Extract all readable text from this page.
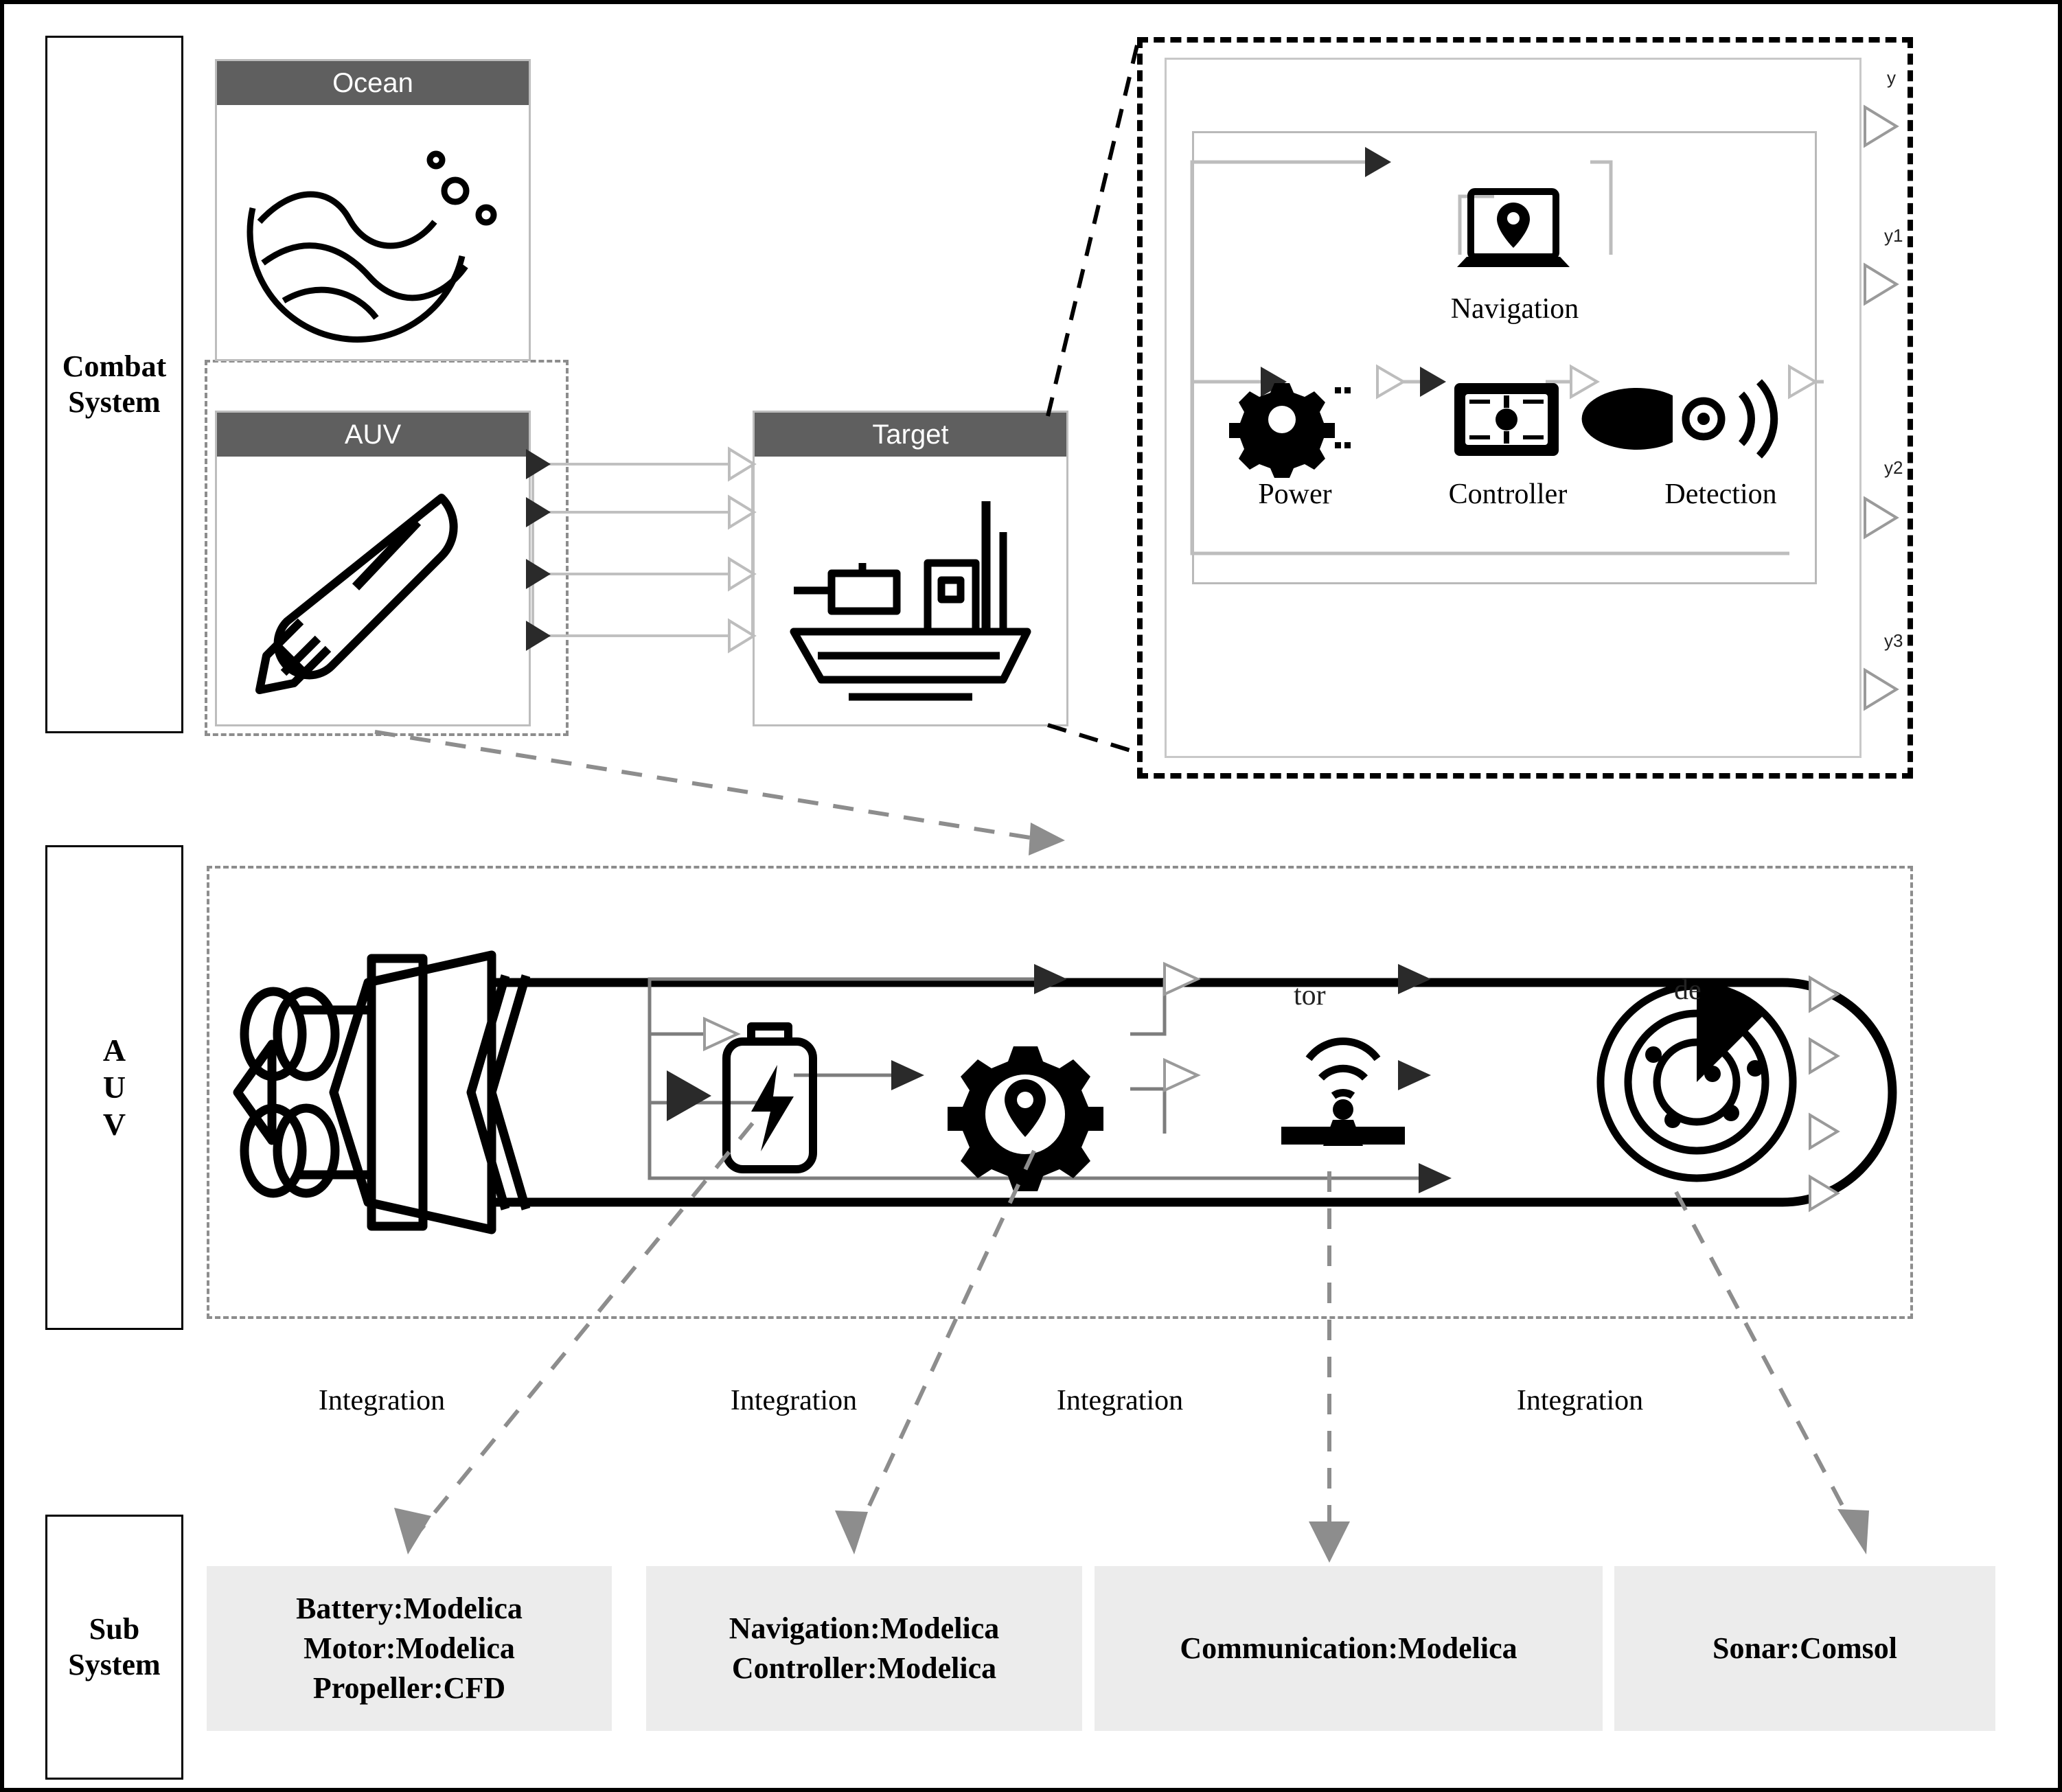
Combat
System
A
U
V
Sub
System
Ocean
AUV	Target
Navigation
Power	Controller	Detection
y
y1
y2
y3
tor	de
Integration	Integration	Integration	Integration
Battery:Modelica
Motor:Modelica
Propeller:CFD
Navigation:Modelica
Controller:Modelica
Communication:Modelica	Sonar:Comsol
